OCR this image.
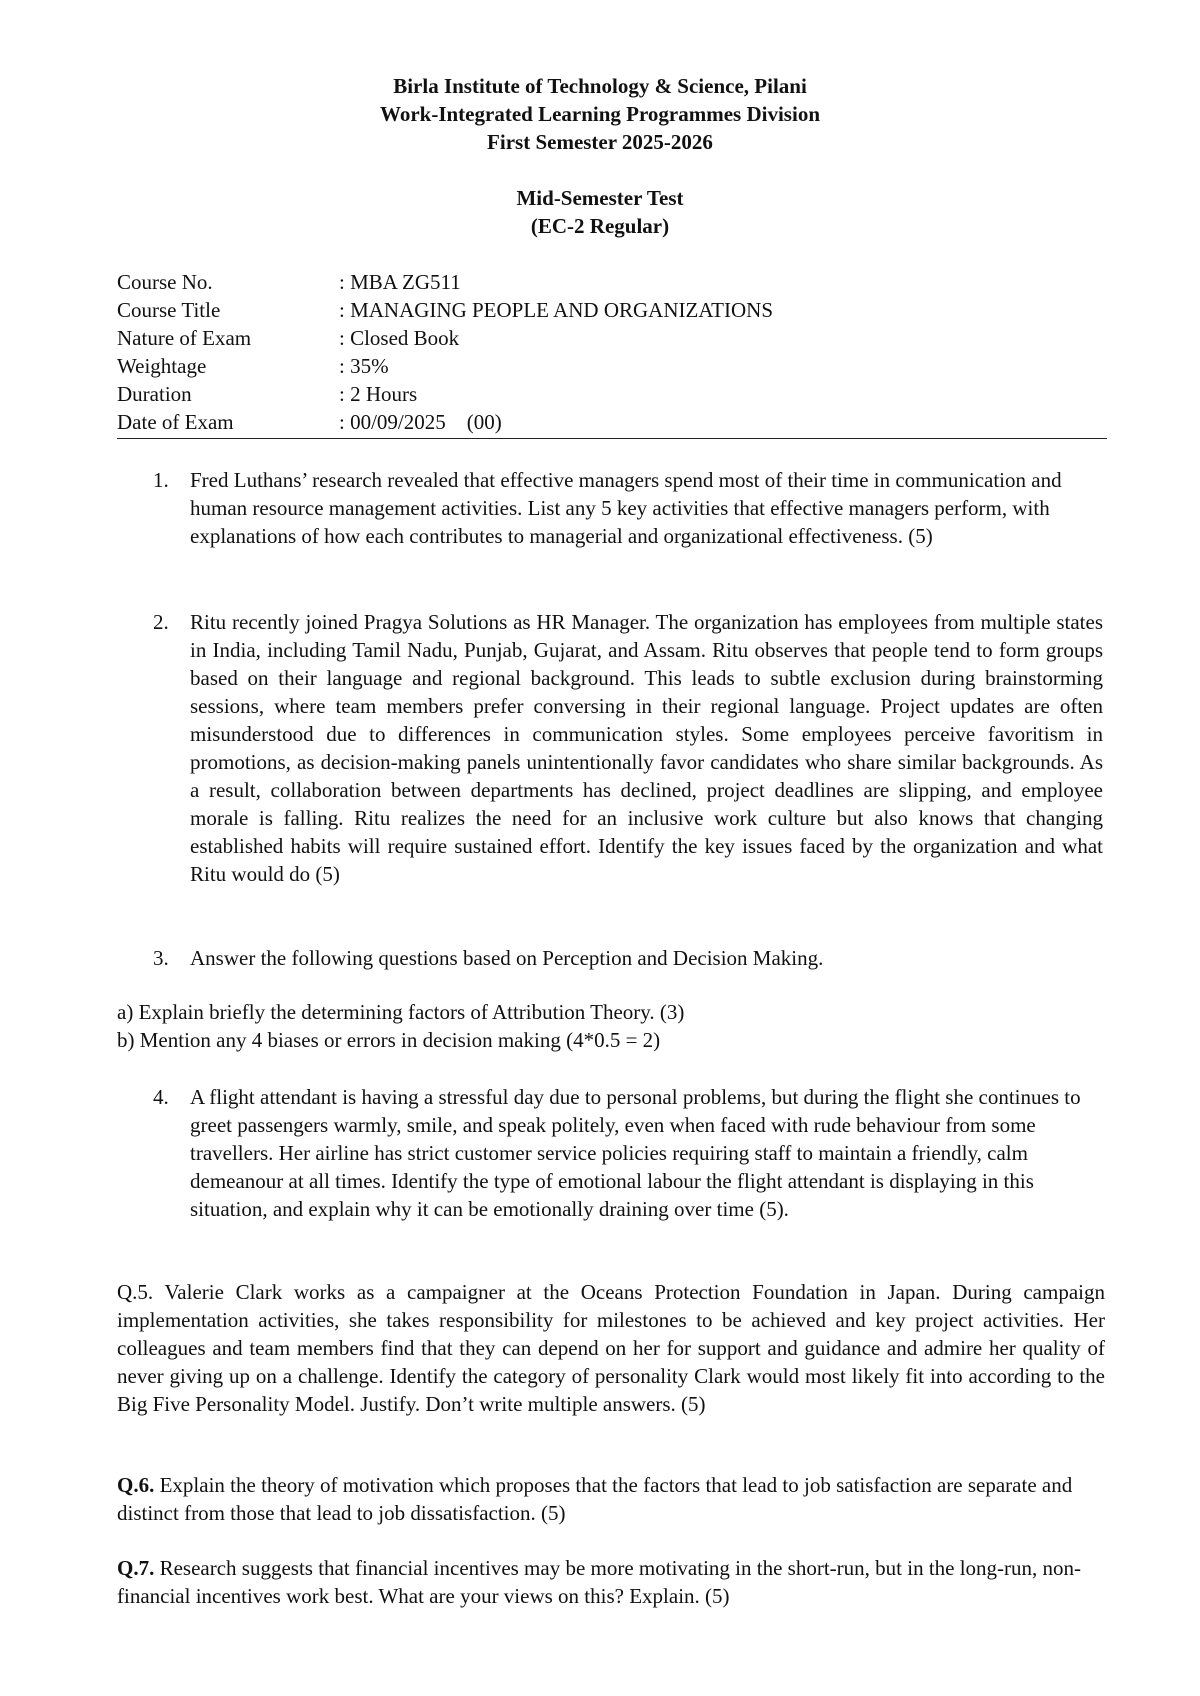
Birla Institute of Technology & Science, Pilani
Work-Integrated Learning Programmes Division
First Semester 2025-2026
Mid-Semester Test
(EC-2 Regular)
Course No.	: MBA ZG511
Course Title	: MANAGING PEOPLE AND ORGANIZATIONS
Nature of Exam	: Closed Book
Weightage	: 35%
Duration	: 2 Hours
Date of Exam	: 00/09/2025    (00)
1.	Fred Luthans’ research revealed that effective managers spend most of their time in communication and human resource management activities. List any 5 key activities that effective managers perform, with explanations of how each contributes to managerial and organizational effectiveness. (5)
2.	Ritu recently joined Pragya Solutions as HR Manager. The organization has employees from multiple states in India, including Tamil Nadu, Punjab, Gujarat, and Assam. Ritu observes that people tend to form groups based on their language and regional background. This leads to subtle exclusion during brainstorming sessions, where team members prefer conversing in their regional language. Project updates are often misunderstood due to differences in communication styles. Some employees perceive favoritism in promotions, as decision-making panels unintentionally favor candidates who share similar backgrounds. As a result, collaboration between departments has declined, project deadlines are slipping, and employee morale is falling. Ritu realizes the need for an inclusive work culture but also knows that changing established habits will require sustained effort. Identify the key issues faced by the organization and what Ritu would do (5)
3.	Answer the following questions based on Perception and Decision Making.
a) Explain briefly the determining factors of Attribution Theory. (3)
b) Mention any 4 biases or errors in decision making (4*0.5 = 2)
4.	A flight attendant is having a stressful day due to personal problems, but during the flight she continues to greet passengers warmly, smile, and speak politely, even when faced with rude behaviour from some travellers. Her airline has strict customer service policies requiring staff to maintain a friendly, calm demeanour at all times. Identify the type of emotional labour the flight attendant is displaying in this situation, and explain why it can be emotionally draining over time (5).
Q.5. Valerie Clark works as a campaigner at the Oceans Protection Foundation in Japan. During campaign implementation activities, she takes responsibility for milestones to be achieved and key project activities. Her colleagues and team members find that they can depend on her for support and guidance and admire her quality of never giving up on a challenge. Identify the category of personality Clark would most likely fit into according to the Big Five Personality Model. Justify. Don’t write multiple answers. (5)
Q.6. Explain the theory of motivation which proposes that the factors that lead to job satisfaction are separate and distinct from those that lead to job dissatisfaction. (5)
Q.7. Research suggests that financial incentives may be more motivating in the short-run, but in the long-run, non-financial incentives work best. What are your views on this? Explain. (5)
